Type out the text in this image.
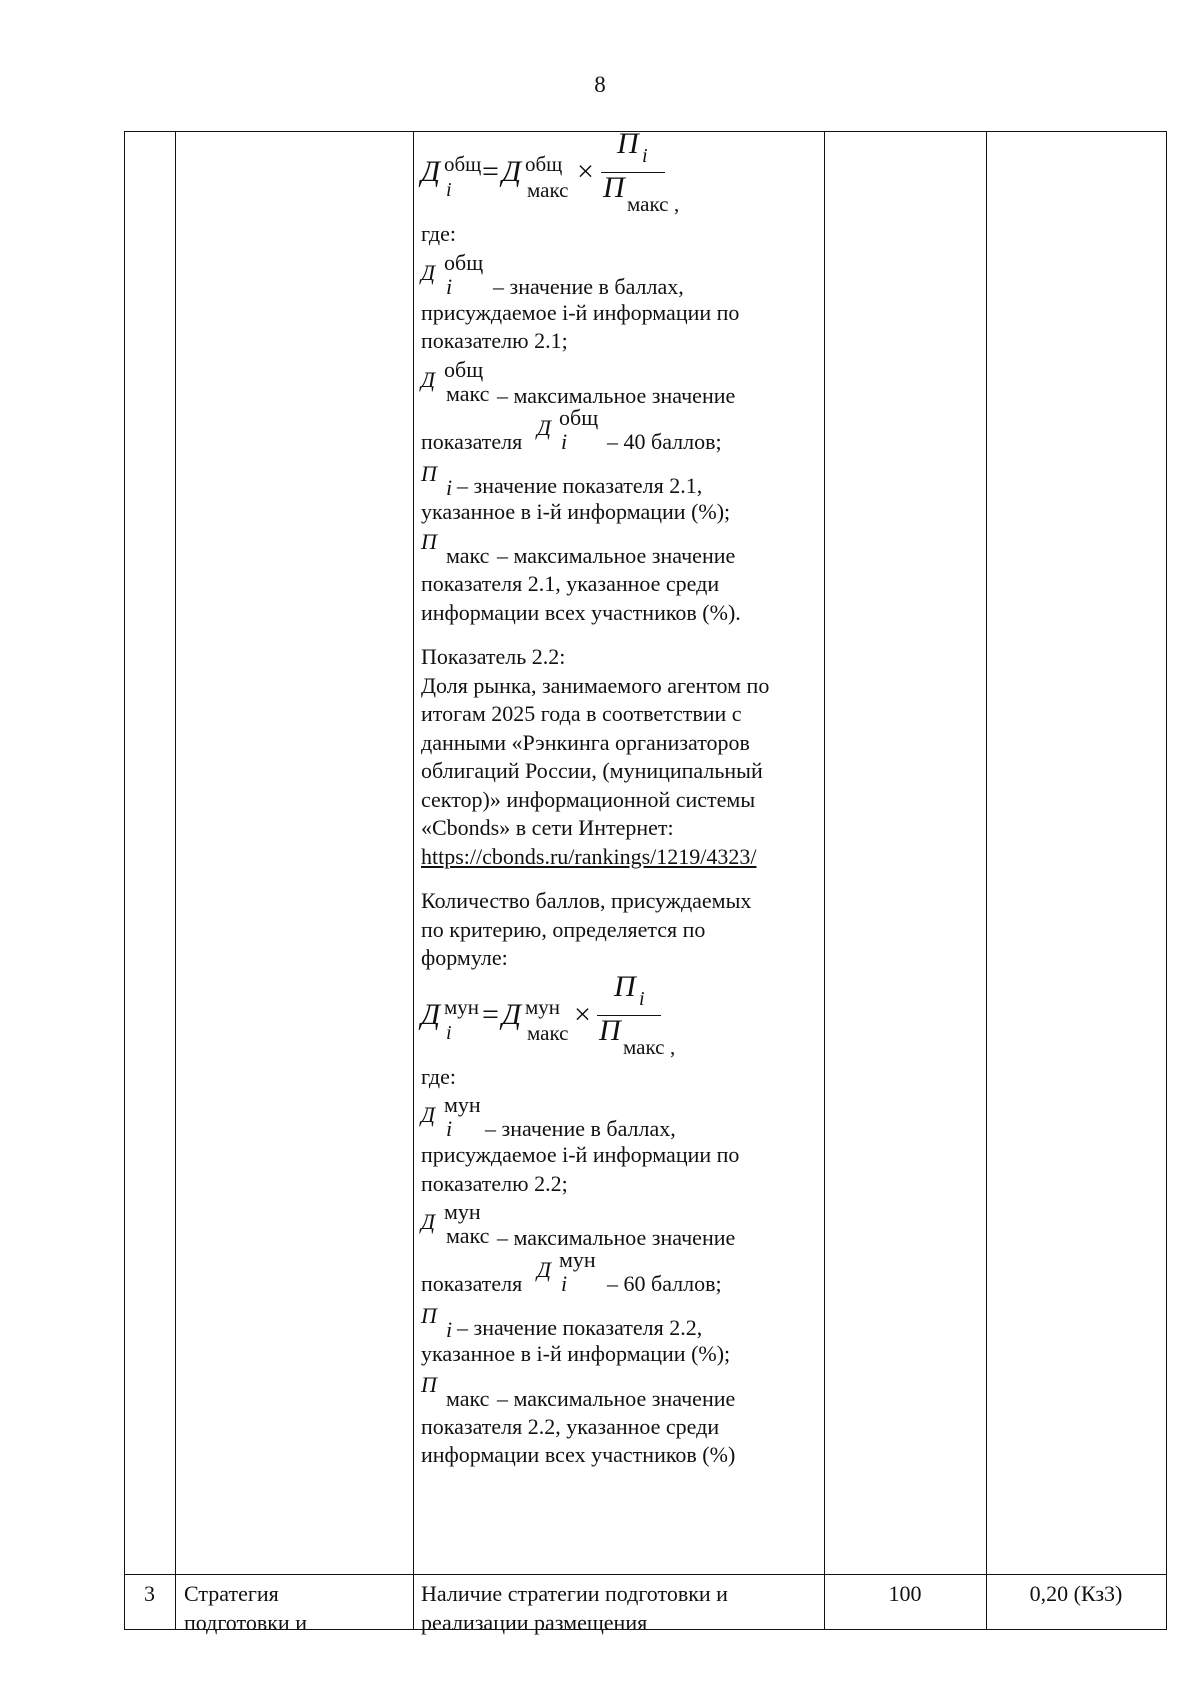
8
Д общ
i
= Д общ
макс
×
П i
П макс ,

где:

Д общ
i – значение в баллах,

присуждаемое i-й информации по

показателю 2.1;

Д общ
макс – максимальное значение
показателя
Д общ
i – 40 баллов;
П
i – значение показателя 2.1,

указанное в i-й информации (%);

П
макс – максимальное значение

показателя 2.1, указанное среди

информации всех участников (%).

Показатель 2.2:

Доля рынка, занимаемого агентом по

итогам 2025 года в соответствии с

данными «Рэнкинга организаторов

облигаций России, (муниципальный

сектор)» информационной системы

«Cbonds» в сети Интернет:

https://cbonds.ru/rankings/1219/4323/

Количество баллов, присуждаемых

по критерию, определяется по

формуле:

Д мун
i
= Д мун
макс
×
П i
П макс ,

где:

Д мун
i – значение в баллах,

присуждаемое i-й информации по

показателю 2.2;

Д мун
макс – максимальное значение
показателя
Д мун
i – 60 баллов;
П
i – значение показателя 2.2,

указанное в i-й информации (%);

П
макс – максимальное значение

показателя 2.2, указанное среди

информации всех участников (%)

3	Стратегия
подготовки и
Наличие стратегии подготовки и
реализации размещения
100	0,20 (Кз3)
